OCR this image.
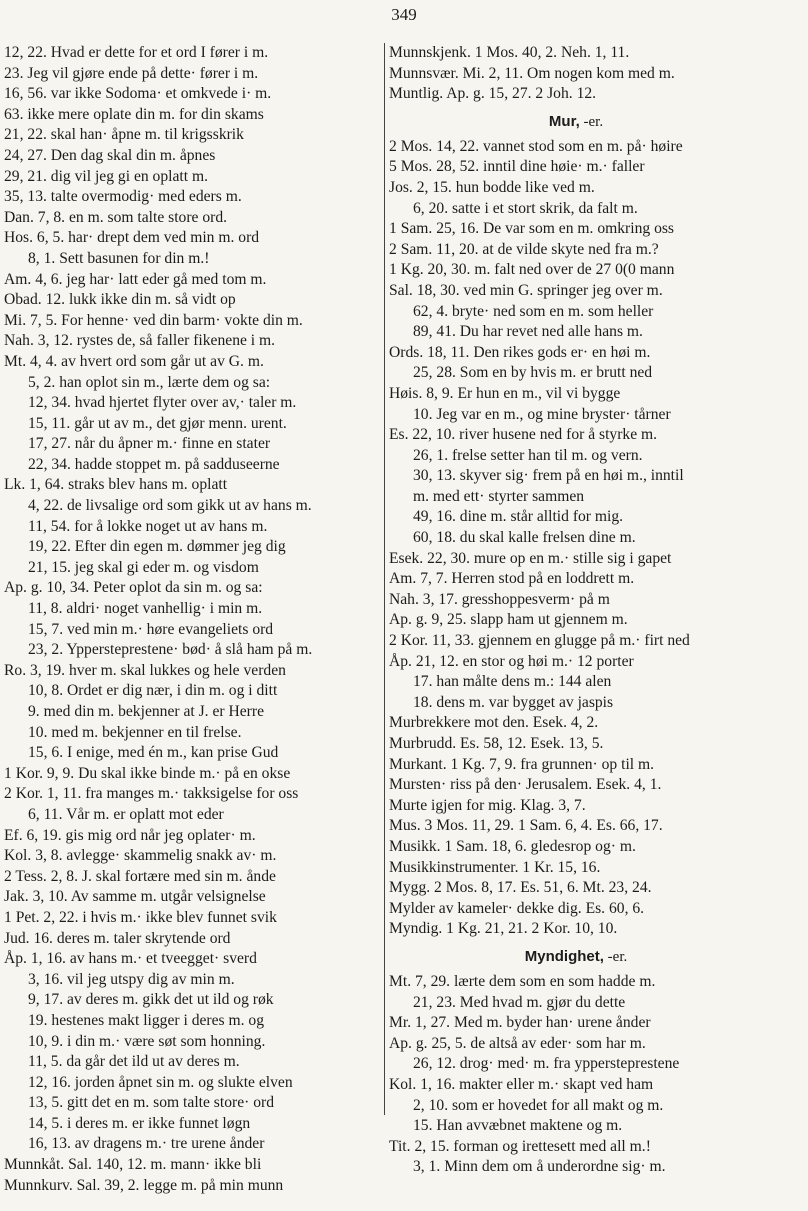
349
12, 22. Hvad er dette for et ord I fører i m.
23. Jeg vil gjøre ende på dette· fører i m.
16, 56. var ikke Sodoma· et omkvede i· m.
63. ikke mere oplate din m. for din skams
21, 22. skal han· åpne m. til krigsskrik
24, 27. Den dag skal din m. åpnes
29, 21. dig vil jeg gi en oplatt m.
35, 13. talte overmodig· med eders m.
Dan. 7, 8. en m. som talte store ord.
Hos. 6, 5. har· drept dem ved min m. ord
8, 1. Sett basunen for din m.!
Am. 4, 6. jeg har· latt eder gå med tom m.
Obad. 12. lukk ikke din m. så vidt op
Mi. 7, 5. For henne· ved din barm· vokte din m.
Nah. 3, 12. rystes de, så faller fikenene i m.
Mt. 4, 4. av hvert ord som går ut av G. m.
5, 2. han oplot sin m., lærte dem og sa:
12, 34. hvad hjertet flyter over av,· taler m.
15, 11. går ut av m., det gjør menn. urent.
17, 27. når du åpner m.· finne en stater
22, 34. hadde stoppet m. på sadduseerne
Lk. 1, 64. straks blev hans m. oplatt
4, 22. de livsalige ord som gikk ut av hans m.
11, 54. for å lokke noget ut av hans m.
19, 22. Efter din egen m. dømmer jeg dig
21, 15. jeg skal gi eder m. og visdom
Ap. g. 10, 34. Peter oplot da sin m. og sa:
11, 8. aldri· noget vanhellig· i min m.
15, 7. ved min m.· høre evangeliets ord
23, 2. Yppersteprestene· bød· å slå ham på m.
Ro. 3, 19. hver m. skal lukkes og hele verden
10, 8. Ordet er dig nær, i din m. og i ditt
9. med din m. bekjenner at J. er Herre
10. med m. bekjenner en til frelse.
15, 6. I enige, med én m., kan prise Gud
1 Kor. 9, 9. Du skal ikke binde m.· på en okse
2 Kor. 1, 11. fra manges m.· takksigelse for oss
6, 11. Vår m. er oplatt mot eder
Ef. 6, 19. gis mig ord når jeg oplater· m.
Kol. 3, 8. avlegge· skammelig snakk av· m.
2 Tess. 2, 8. J. skal fortære med sin m. ånde
Jak. 3, 10. Av samme m. utgår velsignelse
1 Pet. 2, 22. i hvis m.· ikke blev funnet svik
Jud. 16. deres m. taler skrytende ord
Åp. 1, 16. av hans m.· et tveegget· sverd
3, 16. vil jeg utspy dig av min m.
9, 17. av deres m. gikk det ut ild og røk
19. hestenes makt ligger i deres m. og
10, 9. i din m.· være søt som honning.
11, 5. da går det ild ut av deres m.
12, 16. jorden åpnet sin m. og slukte elven
13, 5. gitt det en m. som talte store· ord
14, 5. i deres m. er ikke funnet løgn
16, 13. av dragens m.· tre urene ånder
Munnkåt. Sal. 140, 12. m. mann· ikke bli
Munnkurv. Sal. 39, 2. legge m. på min munn
Munnskjenk. 1 Mos. 40, 2. Neh. 1, 11.
Munnsvær. Mi. 2, 11. Om nogen kom med m.
Muntlig. Ap. g. 15, 27. 2 Joh. 12.
Mur, -er.
2 Mos. 14, 22. vannet stod som en m. på· høire
5 Mos. 28, 52. inntil dine høie· m.· faller
Jos. 2, 15. hun bodde like ved m.
6, 20. satte i et stort skrik, da falt m.
1 Sam. 25, 16. De var som en m. omkring oss
2 Sam. 11, 20. at de vilde skyte ned fra m.?
1 Kg. 20, 30. m. falt ned over de 27 0(0 mann
Sal. 18, 30. ved min G. springer jeg over m.
62, 4. bryte· ned som en m. som heller
89, 41. Du har revet ned alle hans m.
Ords. 18, 11. Den rikes gods er· en høi m.
25, 28. Som en by hvis m. er brutt ned
Høis. 8, 9. Er hun en m., vil vi bygge
10. Jeg var en m., og mine bryster· tårner
Es. 22, 10. river husene ned for å styrke m.
26, 1. frelse setter han til m. og vern.
30, 13. skyver sig· frem på en høi m., inntil
m. med ett· styrter sammen
49, 16. dine m. står alltid for mig.
60, 18. du skal kalle frelsen dine m.
Esek. 22, 30. mure op en m.· stille sig i gapet
Am. 7, 7. Herren stod på en loddrett m.
Nah. 3, 17. gresshoppesverm· på m
Ap. g. 9, 25. slapp ham ut gjennem m.
2 Kor. 11, 33. gjennem en glugge på m.· firt ned
Åp. 21, 12. en stor og høi m.· 12 porter
17. han målte dens m.: 144 alen
18. dens m. var bygget av jaspis
Murbrekkere mot den. Esek. 4, 2.
Murbrudd. Es. 58, 12. Esek. 13, 5.
Murkant. 1 Kg. 7, 9. fra grunnen· op til m.
Mursten· riss på den· Jerusalem. Esek. 4, 1.
Murte igjen for mig. Klag. 3, 7.
Mus. 3 Mos. 11, 29. 1 Sam. 6, 4. Es. 66, 17.
Musikk. 1 Sam. 18, 6. gledesrop og· m.
Musikkinstrumenter. 1 Kr. 15, 16.
Mygg. 2 Mos. 8, 17. Es. 51, 6. Mt. 23, 24.
Mylder av kameler· dekke dig. Es. 60, 6.
Myndig. 1 Kg. 21, 21. 2 Kor. 10, 10.
Myndighet, -er.
Mt. 7, 29. lærte dem som en som hadde m.
21, 23. Med hvad m. gjør du dette
Mr. 1, 27. Med m. byder han· urene ånder
Ap. g. 25, 5. de altså av eder· som har m.
26, 12. drog· med· m. fra yppersteprestene
Kol. 1, 16. makter eller m.· skapt ved ham
2, 10. som er hovedet for all makt og m.
15. Han avvæbnet maktene og m.
Tit. 2, 15. forman og irettesett med all m.!
3, 1. Minn dem om å underordne sig· m.
